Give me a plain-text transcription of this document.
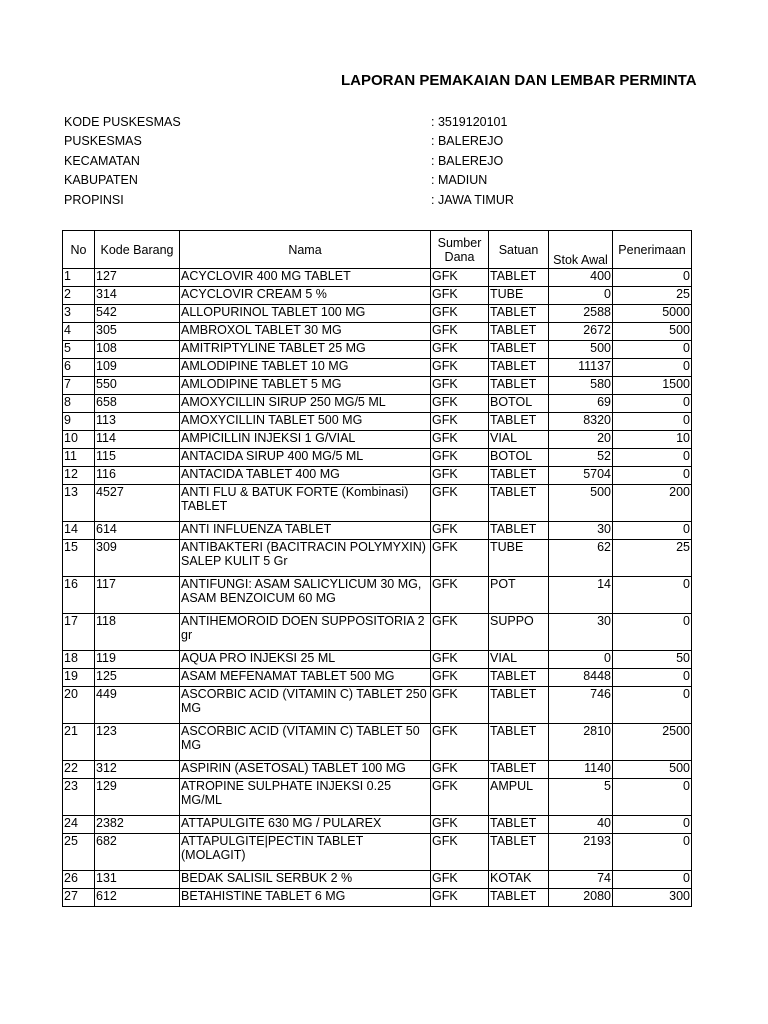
LAPORAN PEMAKAIAN DAN LEMBAR PERMINTA
KODE PUSKESMAS	: 3519120101
PUSKESMAS	: BALEREJO
KECAMATAN	: BALEREJO
KABUPATEN	: MADIUN
PROPINSI	: JAWA TIMUR
No	Kode Barang	Nama	Sumber Dana	Satuan	Stok Awal	Penerimaan
1	127	ACYCLOVIR 400 MG TABLET	GFK	TABLET	400	0
2	314	ACYCLOVIR CREAM 5 %	GFK	TUBE	0	25
3	542	ALLOPURINOL TABLET 100 MG	GFK	TABLET	2588	5000
4	305	AMBROXOL TABLET 30 MG	GFK	TABLET	2672	500
5	108	AMITRIPTYLINE TABLET 25 MG	GFK	TABLET	500	0
6	109	AMLODIPINE TABLET 10 MG	GFK	TABLET	11137	0
7	550	AMLODIPINE TABLET 5 MG	GFK	TABLET	580	1500
8	658	AMOXYCILLIN SIRUP 250 MG/5 ML	GFK	BOTOL	69	0
9	113	AMOXYCILLIN TABLET 500 MG	GFK	TABLET	8320	0
10	114	AMPICILLIN INJEKSI 1 G/VIAL	GFK	VIAL	20	10
11	115	ANTACIDA SIRUP 400 MG/5 ML	GFK	BOTOL	52	0
12	116	ANTACIDA TABLET 400 MG	GFK	TABLET	5704	0
13	4527	ANTI FLU & BATUK FORTE (Kombinasi) TABLET	GFK	TABLET	500	200
14	614	ANTI INFLUENZA TABLET	GFK	TABLET	30	0
15	309	ANTIBAKTERI (BACITRACIN POLYMYXIN) SALEP KULIT 5 Gr	GFK	TUBE	62	25
16	117	ANTIFUNGI: ASAM SALICYLICUM 30 MG, ASAM BENZOICUM 60 MG	GFK	POT	14	0
17	118	ANTIHEMOROID DOEN SUPPOSITORIA 2 gr	GFK	SUPPO	30	0
18	119	AQUA PRO INJEKSI 25 ML	GFK	VIAL	0	50
19	125	ASAM MEFENAMAT TABLET 500 MG	GFK	TABLET	8448	0
20	449	ASCORBIC ACID (VITAMIN C) TABLET 250 MG	GFK	TABLET	746	0
21	123	ASCORBIC ACID (VITAMIN C) TABLET 50 MG	GFK	TABLET	2810	2500
22	312	ASPIRIN (ASETOSAL) TABLET 100 MG	GFK	TABLET	1140	500
23	129	ATROPINE SULPHATE INJEKSI 0.25 MG/ML	GFK	AMPUL	5	0
24	2382	ATTAPULGITE 630 MG / PULAREX	GFK	TABLET	40	0
25	682	ATTAPULGITE|PECTIN TABLET (MOLAGIT)	GFK	TABLET	2193	0
26	131	BEDAK SALISIL SERBUK 2 %	GFK	KOTAK	74	0
27	612	BETAHISTINE TABLET 6 MG	GFK	TABLET	2080	300
